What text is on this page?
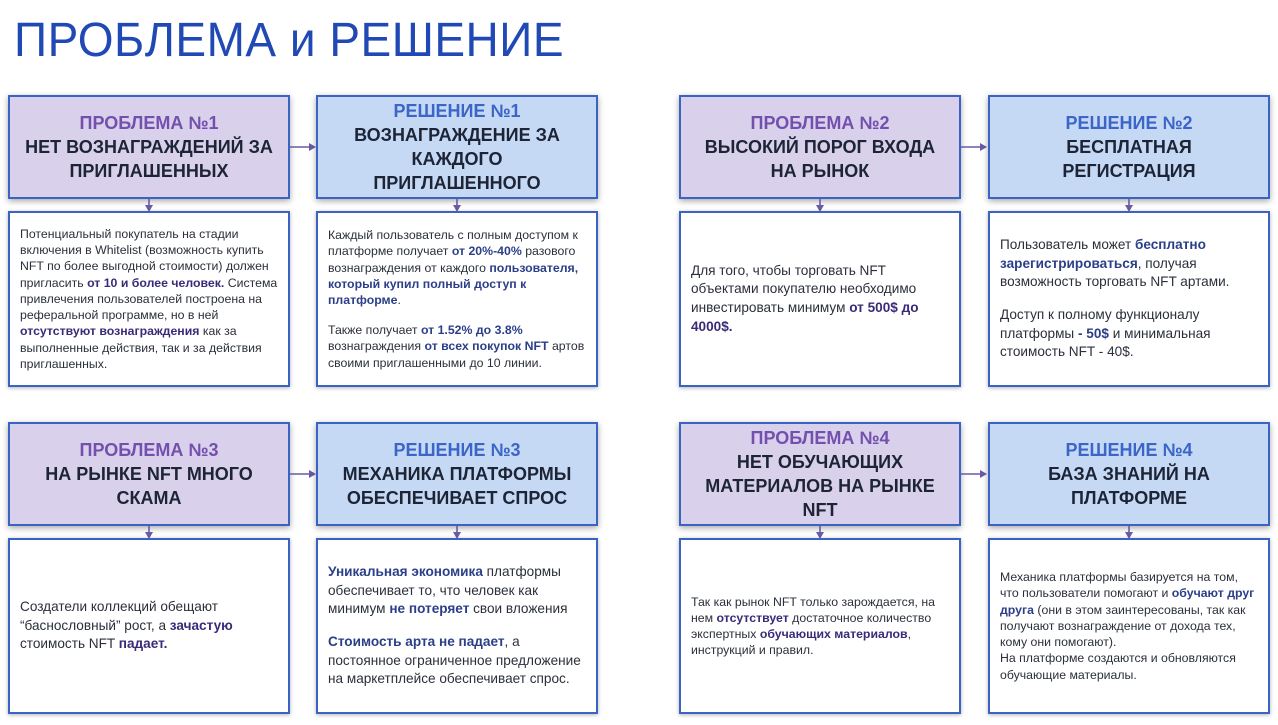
ПРОБЛЕМА и РЕШЕНИЕ
ПРОБЛЕМА №1
НЕТ ВОЗНАГРАЖДЕНИЙ ЗА
ПРИГЛАШЕННЫХ
РЕШЕНИЕ №1
ВОЗНАГРАЖДЕНИЕ ЗА
КАЖДОГО ПРИГЛАШЕННОГО
Потенциальный покупатель на стадии включения в Whitelist (возможность купить NFT по более выгодной стоимости) должен пригласить от 10 и более человек. Система привлечения пользователей построена на реферальной программе, но в ней отсутствуют вознаграждения как за выполненные действия, так и за действия приглашенных.
Каждый пользователь с полным доступом к платформе получает от 20%-40% разового вознаграждения от каждого пользователя, который купил полный доступ к платформе.
Также получает от 1.52% до 3.8% вознаграждения от всех покупок NFT артов своими приглашенными до 10 линии.
ПРОБЛЕМА №2
ВЫСОКИЙ ПОРОГ ВХОДА
НА РЫНОК
РЕШЕНИЕ №2
БЕСПЛАТНАЯ
РЕГИСТРАЦИЯ
Для того, чтобы торговать NFT объектами покупателю необходимо инвестировать минимум от 500$ до 4000$.
Пользователь может бесплатно зарегистрироваться, получая возможность торговать NFT артами.
Доступ к полному функционалу платформы - 50$ и минимальная стоимость NFT - 40$.
ПРОБЛЕМА №3
НА РЫНКЕ NFT МНОГО
СКАМА
РЕШЕНИЕ №3
МЕХАНИКА ПЛАТФОРМЫ
ОБЕСПЕЧИВАЕТ СПРОС
Создатели коллекций обещают “баснословный” рост, а зачастую стоимость NFT падает.
Уникальная экономика платформы обеспечивает то, что человек как минимум не потеряет свои вложения
Стоимость арта не падает, а постоянное ограниченное предложение на маркетплейсе обеспечивает спрос.
ПРОБЛЕМА №4
НЕТ ОБУЧАЮЩИХ
МАТЕРИАЛОВ НА РЫНКЕ NFT
РЕШЕНИЕ №4
БАЗА ЗНАНИЙ НА
ПЛАТФОРМЕ
Так как рынок NFT только зарождается, на нем отсутствует достаточное количество экспертных обучающих материалов, инструкций и правил.
Механика платформы базируется на том, что пользователи помогают и обучают друг друга (они в этом заинтересованы, так как получают вознаграждение от дохода тех, кому они помогают).
На платформе создаются и обновляются обучающие материалы.
